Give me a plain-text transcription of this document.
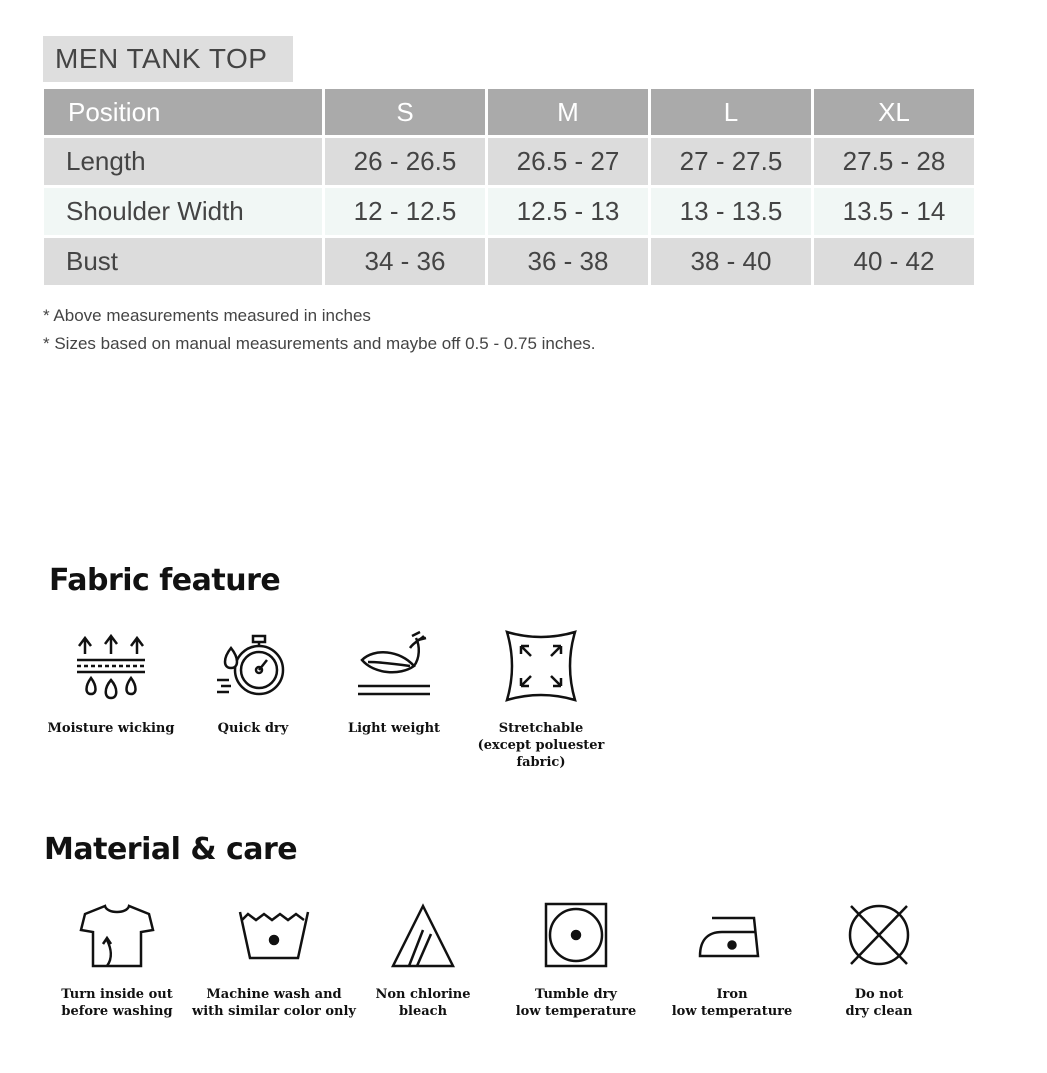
MEN TANK TOP
Position	S	M	L	XL
Length	26 - 26.5	26.5 - 27	27 - 27.5	27.5 - 28
Shoulder Width	12 - 12.5	12.5 - 13	13 - 13.5	13.5 - 14
Bust	34 - 36	36 - 38	38 - 40	40 - 42
* Above measurements measured in inches
* Sizes based on manual measurements and maybe off 0.5 - 0.75 inches.
Fabric feature
Moisture wicking	Quick dry	Light weight	Stretchable
(except poluester fabric)
Material & care
Turn inside out
before washing
Machine wash and
with similar color only
Non chlorine
bleach
Tumble dry
low temperature
Iron
low temperature
Do not
dry clean
